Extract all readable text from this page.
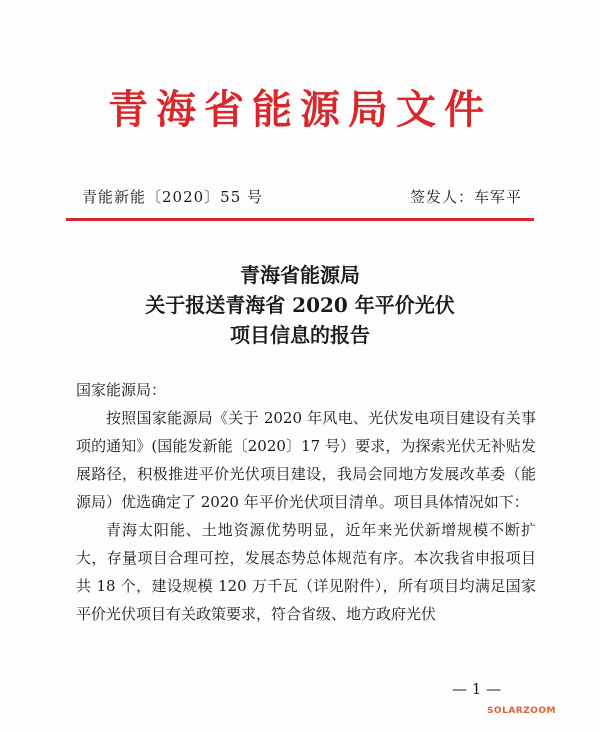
青海省能源局文件
青能新能〔2020〕55 号	签发人：车军平
青海省能源局
关于报送青海省 2020 年平价光伏
项目信息的报告
国家能源局：

按照国家能源局《关于 2020 年风电、光伏发电项目建设有关事项的通知》(国能发新能〔2020〕17 号）要求，为探索光伏无补贴发展路径，积极推进平价光伏项目建设，我局会同地方发展改革委（能源局）优选确定了 2020 年平价光伏项目清单。项目具体情况如下：

青海太阳能、土地资源优势明显，近年来光伏新增规模不断扩大，存量项目合理可控，发展态势总体规范有序。本次我省申报项目共 18 个，建设规模 120 万千瓦（详见附件），所有项目均满足国家平价光伏项目有关政策要求，符合省级、地方政府光伏

— 1 —
SOLARZOOM
